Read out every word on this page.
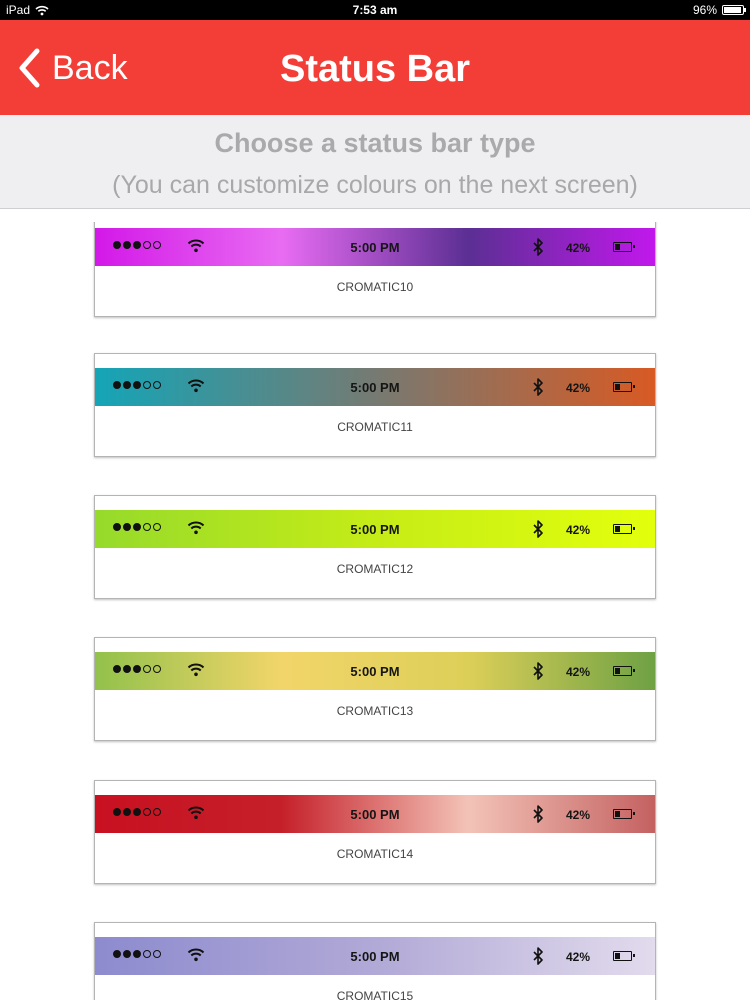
iPad	7:53 am	96%
Back	Status Bar
Choose a status bar type
(You can customize colours on the next screen)
5:00 PM	42%
CROMATIC10
5:00 PM	42%
CROMATIC11
5:00 PM	42%
CROMATIC12
5:00 PM	42%
CROMATIC13
5:00 PM	42%
CROMATIC14
5:00 PM	42%
CROMATIC15
